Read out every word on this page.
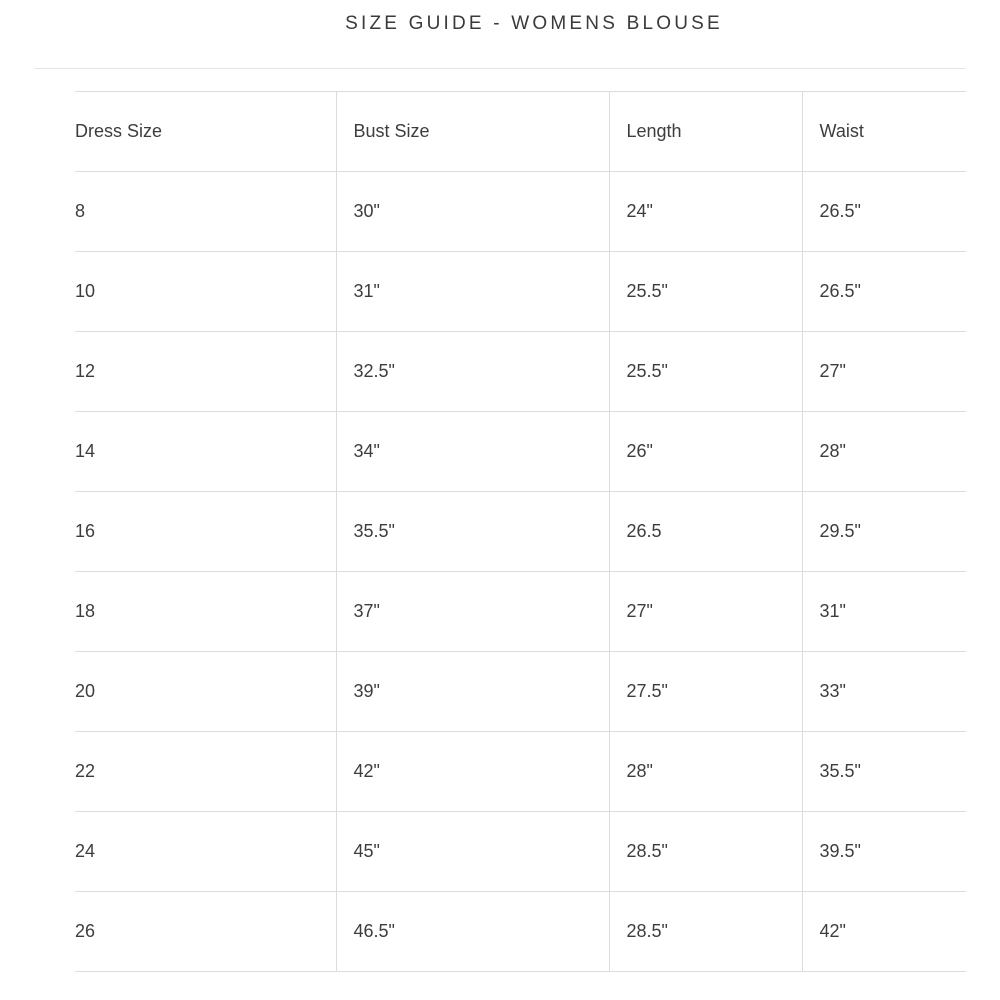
SIZE GUIDE - WOMENS BLOUSE
Dress Size	Bust Size	Length	Waist
8	30"	24"	26.5"
10	31"	25.5"	26.5"
12	32.5"	25.5"	27"
14	34"	26"	28"
16	35.5"	26.5	29.5"
18	37"	27"	31"
20	39"	27.5"	33"
22	42"	28"	35.5"
24	45"	28.5"	39.5"
26	46.5"	28.5"	42"
